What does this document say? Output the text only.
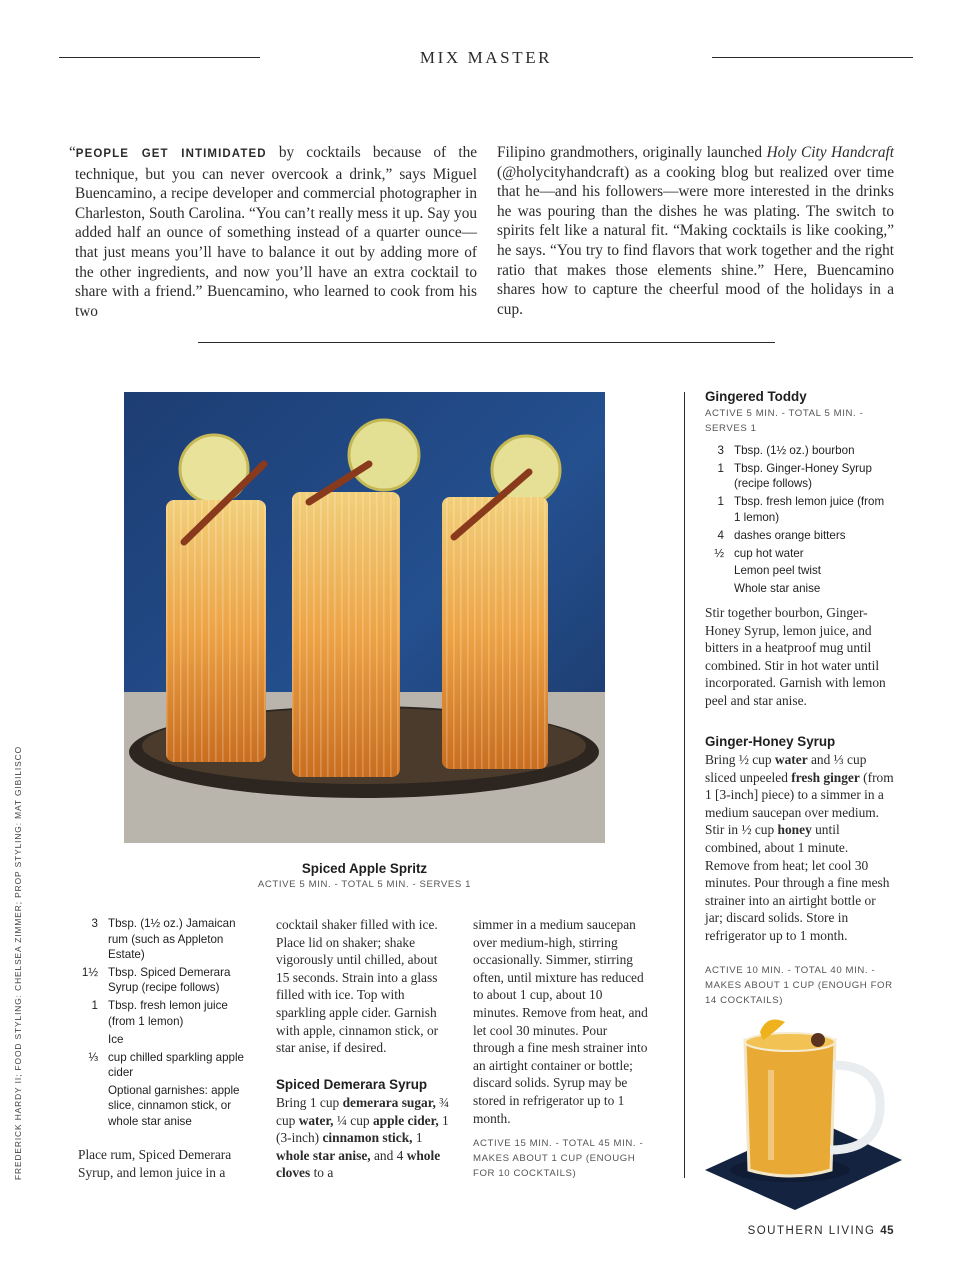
MIX MASTER

“PEOPLE GET INTIMIDATED by cocktails because of the technique, but you can never overcook a drink,” says Miguel Buencamino, a recipe developer and commercial photographer in Charleston, South Carolina. “You can’t really mess it up. Say you added half an ounce of something instead of a quarter ounce—that just means you’ll have to balance it out by adding more of the other ingredients, and now you’ll have an extra cocktail to share with a friend.” Buencamino, who learned to cook from his two

Filipino grandmothers, originally launched Holy City Handcraft (@holycityhandcraft) as a cooking blog but realized over time that he—and his followers—were more interested in the drinks he was pouring than the dishes he was plating. The switch to spirits felt like a natural fit. “Making cocktails is like cooking,” he says. “You try to find flavors that work together and the right ratio that makes those elements shine.” Here, Buencamino shares how to capture the cheerful mood of the holidays in a cup.

Spiced Apple Spritz
ACTIVE 5 MIN. - TOTAL 5 MIN. - SERVES 1
3 Tbsp. (1½ oz.) Jamaican rum (such as Appleton Estate)
1½ Tbsp. Spiced Demerara Syrup (recipe follows)
1 Tbsp. fresh lemon juice (from 1 lemon)
Ice
⅓ cup chilled sparkling apple cider
Optional garnishes: apple slice, cinnamon stick, or whole star anise
Place rum, Spiced Demerara Syrup, and lemon juice in a
cocktail shaker filled with ice. Place lid on shaker; shake vigorously until chilled, about 15 seconds. Strain into a glass filled with ice. Top with sparkling apple cider. Garnish with apple, cinnamon stick, or star anise, if desired.
Spiced Demerara Syrup
Bring 1 cup demerara sugar, ¾ cup water, ¼ cup apple cider, 1 (3-inch) cinnamon stick, 1 whole star anise, and 4 whole cloves to a
simmer in a medium saucepan over medium-high, stirring occasionally. Simmer, stirring often, until mixture has reduced to about 1 cup, about 10 minutes. Remove from heat, and let cool 30 minutes. Pour through a fine mesh strainer into an airtight container or bottle; discard solids. Syrup may be stored in refrigerator up to 1 month.
ACTIVE 15 MIN. - TOTAL 45 MIN. - MAKES ABOUT 1 CUP (ENOUGH FOR 10 COCKTAILS)
Gingered Toddy
ACTIVE 5 MIN. - TOTAL 5 MIN. - SERVES 1
3 Tbsp. (1½ oz.) bourbon
1 Tbsp. Ginger-Honey Syrup (recipe follows)
1 Tbsp. fresh lemon juice (from 1 lemon)
4 dashes orange bitters
½ cup hot water
Lemon peel twist
Whole star anise
Stir together bourbon, Ginger-Honey Syrup, lemon juice, and bitters in a heatproof mug until combined. Stir in hot water until incorporated. Garnish with lemon peel and star anise.
Ginger-Honey Syrup
Bring ½ cup water and ⅓ cup sliced unpeeled fresh ginger (from 1 [3-inch] piece) to a simmer in a medium saucepan over medium. Stir in ½ cup honey until combined, about 1 minute. Remove from heat; let cool 30 minutes. Pour through a fine mesh strainer into an airtight bottle or jar; discard solids. Store in refrigerator up to 1 month.
ACTIVE 10 MIN. - TOTAL 40 MIN. - MAKES ABOUT 1 CUP (ENOUGH FOR 14 COCKTAILS)
FREDERICK HARDY II; FOOD STYLING: CHELSEA ZIMMER; PROP STYLING: MAT GIBILISCO
SOUTHERN LIVING 45
